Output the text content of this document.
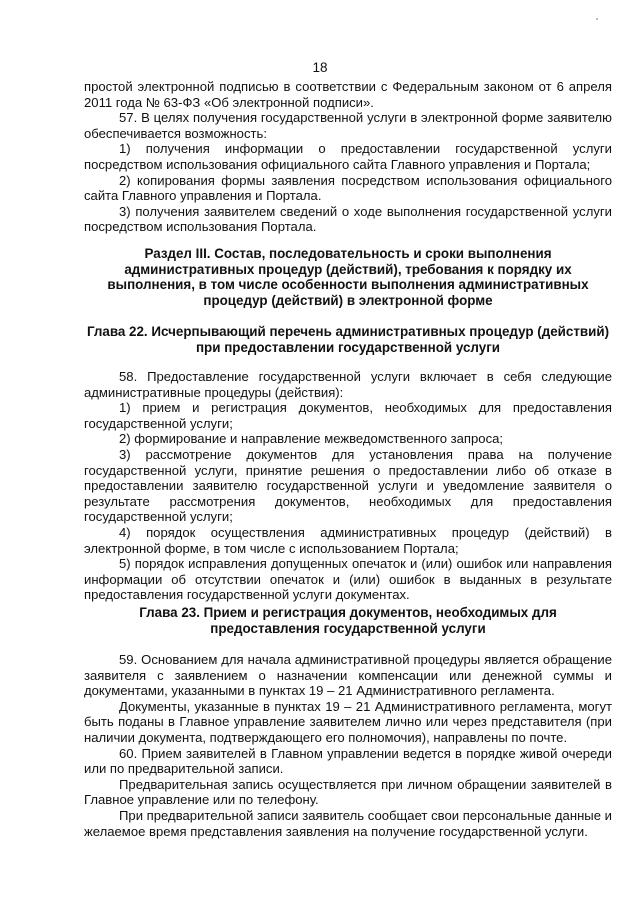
18

простой электронной подписью в соответствии с Федеральным законом от 6 апреля 2011 года № 63-ФЗ «Об электронной подписи».

57. В целях получения государственной услуги в электронной форме заявителю обеспечивается возможность:

1) получения информации о предоставлении государственной услуги посредством использования официального сайта Главного управления и Портала;

2) копирования формы заявления посредством использования официального сайта Главного управления и Портала.

3) получения заявителем сведений о ходе выполнения государственной услуги посредством использования Портала.

Раздел III. Состав, последовательность и сроки выполнения административных процедур (действий), требования к порядку их выполнения, в том числе особенности выполнения административных процедур (действий) в электронной форме
Глава 22. Исчерпывающий перечень административных процедур (действий) при предоставлении государственной услуги

58. Предоставление государственной услуги включает в себя следующие административные процедуры (действия):

1) прием и регистрация документов, необходимых для предоставления государственной услуги;

2) формирование и направление межведомственного запроса;

3) рассмотрение документов для установления права на получение государственной услуги, принятие решения о предоставлении либо об отказе в предоставлении заявителю государственной услуги и уведомление заявителя о результате рассмотрения документов, необходимых для предоставления государственной услуги;

4) порядок осуществления административных процедур (действий) в электронной форме, в том числе с использованием Портала;

5) порядок исправления допущенных опечаток и (или) ошибок или направления информации об отсутствии опечаток и (или) ошибок в выданных в результате предоставления государственной услуги документах.

Глава 23. Прием и регистрация документов, необходимых для предоставления государственной услуги

59. Основанием для начала административной процедуры является обращение заявителя с заявлением о назначении компенсации или денежной суммы и документами, указанными в пунктах 19 – 21 Административного регламента.

Документы, указанные в пунктах 19 – 21 Административного регламента, могут быть поданы в Главное управление заявителем лично или через представителя (при наличии документа, подтверждающего его полномочия), направлены по почте.

60. Прием заявителей в Главном управлении ведется в порядке живой очереди или по предварительной записи.

Предварительная запись осуществляется при личном обращении заявителей в Главное управление или по телефону.

При предварительной записи заявитель сообщает свои персональные данные и желаемое время представления заявления на получение государственной услуги.
